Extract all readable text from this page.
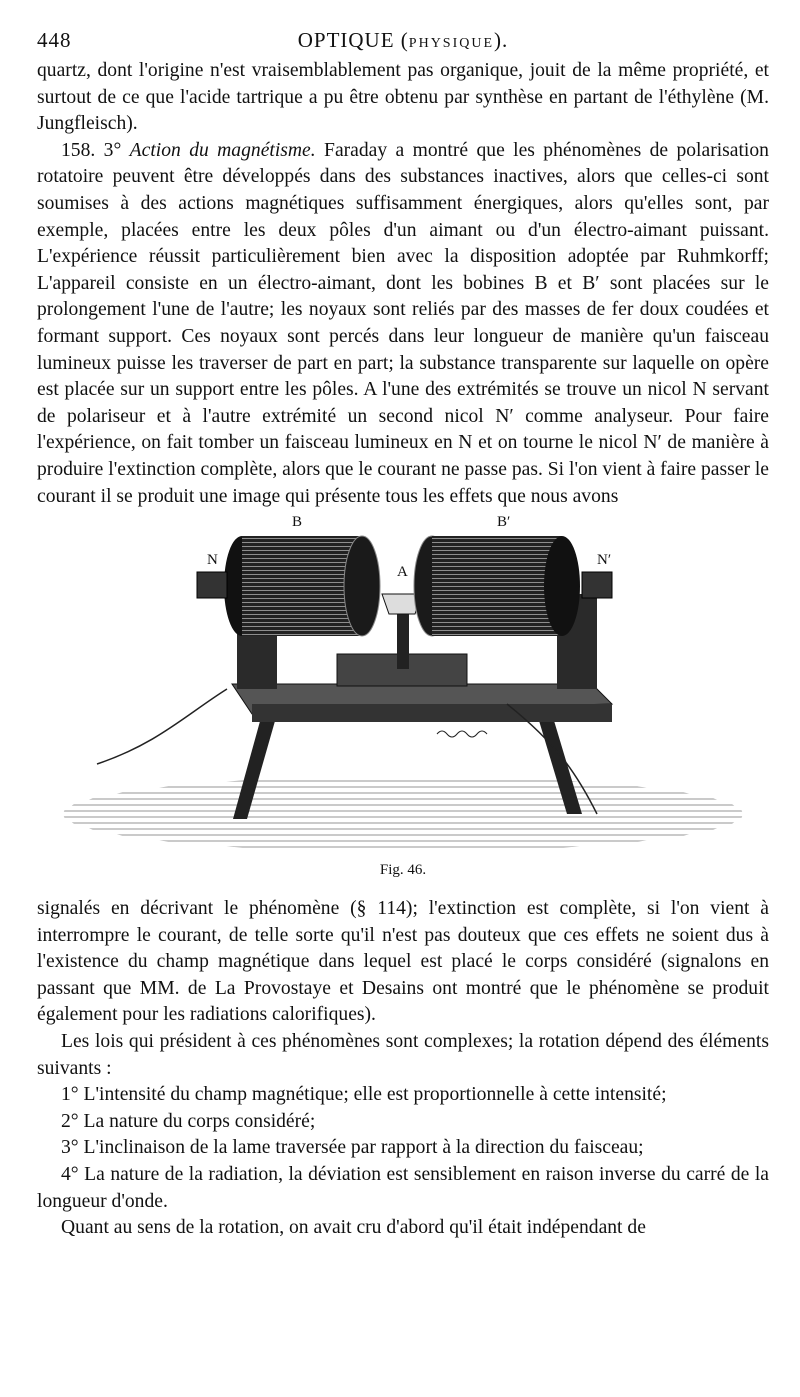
448	OPTIQUE (PHYSIQUE).

quartz, dont l'origine n'est vraisemblablement pas organique, jouit de la même propriété, et surtout de ce que l'acide tartrique a pu être obtenu par synthèse en partant de l'éthylène (M. Jungfleisch).

158. 3° Action du magnétisme. Faraday a montré que les phénomènes de polarisation rotatoire peuvent être développés dans des substances inactives, alors que celles-ci sont soumises à des actions magnétiques suffisamment énergiques, alors qu'elles sont, par exemple, placées entre les deux pôles d'un aimant ou d'un électro-aimant puissant. L'expérience réussit particulièrement bien avec la disposition adoptée par Ruhmkorff; L'appareil consiste en un électro-aimant, dont les bobines B et B′ sont placées sur le prolongement l'une de l'autre; les noyaux sont reliés par des masses de fer doux coudées et formant support. Ces noyaux sont percés dans leur longueur de manière qu'un faisceau lumineux puisse les traverser de part en part; la substance transparente sur laquelle on opère est placée sur un support entre les pôles. A l'une des extrémités se trouve un nicol N servant de polariseur et à l'autre extrémité un second nicol N′ comme analyseur. Pour faire l'expérience, on fait tomber un faisceau lumineux en N et on tourne le nicol N′ de manière à produire l'extinction complète, alors que le courant ne passe pas. Si l'on vient à faire passer le courant il se produit une image qui présente tous les effets que nous avons

B	B′
A
N	N′
Fig. 46.

signalés en décrivant le phénomène (§ 114); l'extinction est complète, si l'on vient à interrompre le courant, de telle sorte qu'il n'est pas douteux que ces effets ne soient dus à l'existence du champ magnétique dans lequel est placé le corps considéré (signalons en passant que MM. de La Provostaye et Desains ont montré que le phénomène se produit également pour les radiations calorifiques).

Les lois qui président à ces phénomènes sont complexes; la rotation dépend des éléments suivants :

1° L'intensité du champ magnétique; elle est proportionnelle à cette intensité;

2° La nature du corps considéré;

3° L'inclinaison de la lame traversée par rapport à la direction du faisceau;

4° La nature de la radiation, la déviation est sensiblement en raison inverse du carré de la longueur d'onde.

Quant au sens de la rotation, on avait cru d'abord qu'il était indépendant de
